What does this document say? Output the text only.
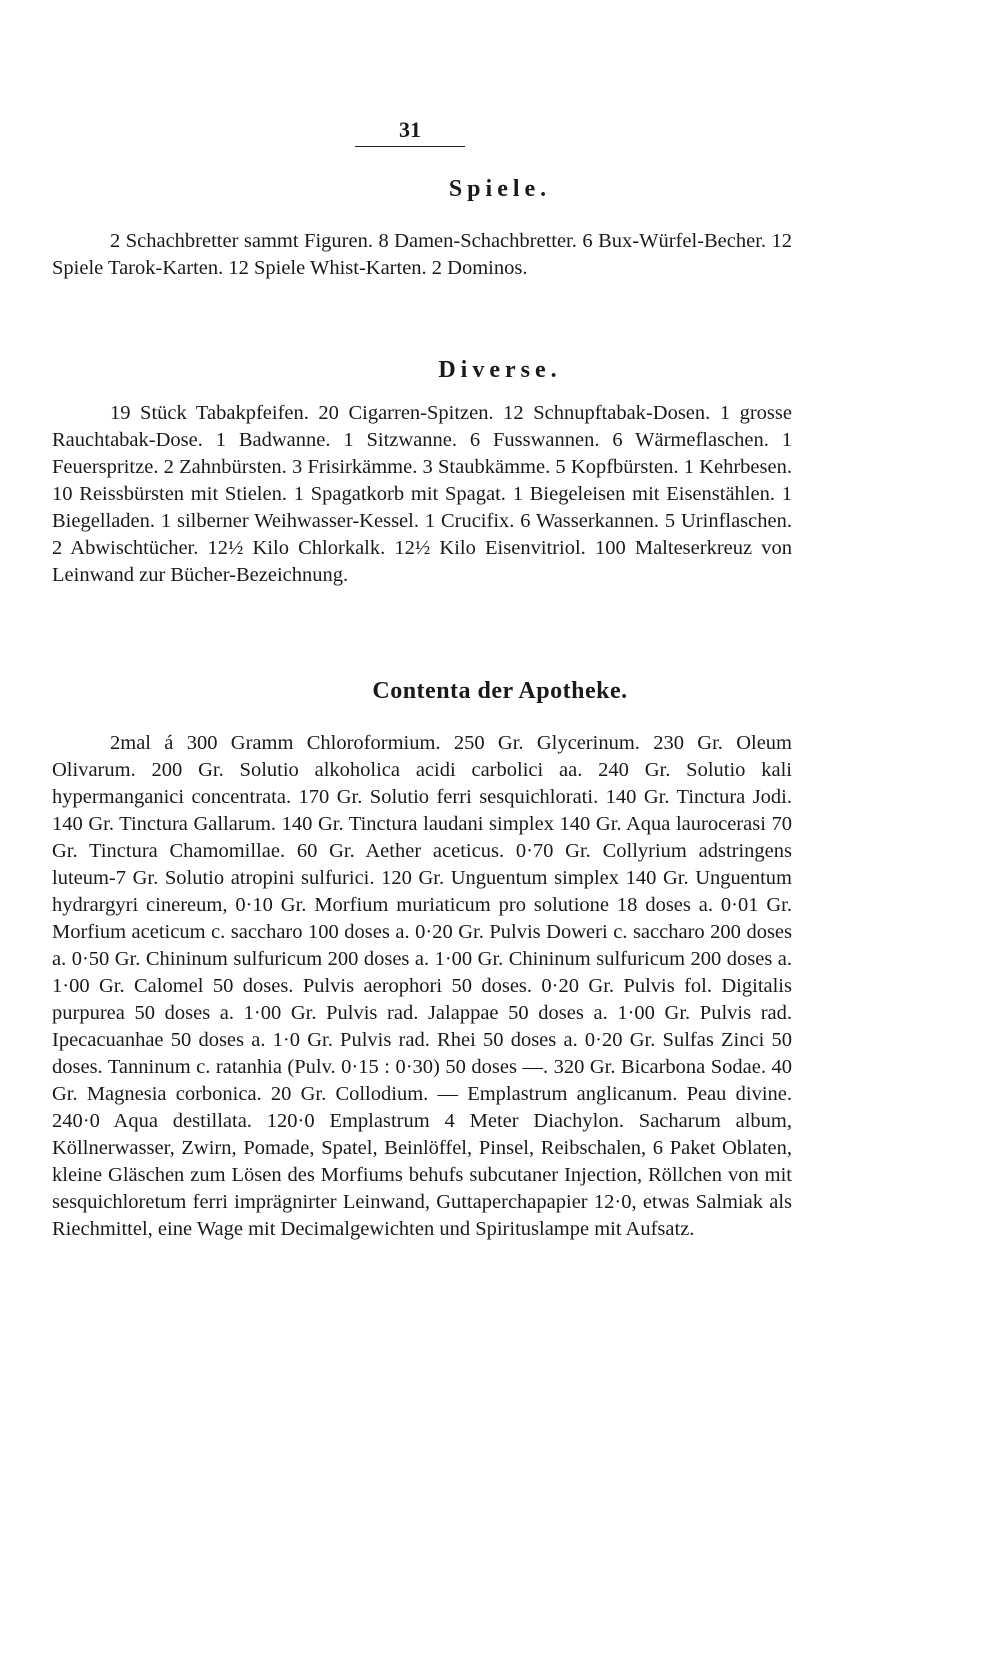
31
Spiele.

2 Schachbretter sammt Figuren. 8 Damen-Schachbretter. 6 Bux-Würfel-Becher. 12 Spiele Tarok-Karten. 12 Spiele Whist-Karten. 2 Dominos.

Diverse.

19 Stück Tabakpfeifen. 20 Cigarren-Spitzen. 12 Schnupftabak-Dosen. 1 grosse Rauchtabak-Dose. 1 Badwanne. 1 Sitzwanne. 6 Fusswannen. 6 Wärmeflaschen. 1 Feuerspritze. 2 Zahnbürsten. 3 Frisirkämme. 3 Staubkämme. 5 Kopfbürsten. 1 Kehrbesen. 10 Reissbürsten mit Stielen. 1 Spagatkorb mit Spagat. 1 Biegeleisen mit Eisenstählen. 1 Biegelladen. 1 silberner Weihwasser-Kessel. 1 Crucifix. 6 Wasserkannen. 5 Urinflaschen. 2 Abwischtücher. 12½ Kilo Chlorkalk. 12½ Kilo Eisenvitriol. 100 Malteserkreuz von Leinwand zur Bücher-Bezeichnung.

Contenta der Apotheke.

2mal á 300 Gramm Chloroformium. 250 Gr. Glycerinum. 230 Gr. Oleum Olivarum. 200 Gr. Solutio alkoholica acidi carbolici aa. 240 Gr. Solutio kali hypermanganici concentrata. 170 Gr. Solutio ferri sesquichlorati. 140 Gr. Tinctura Jodi. 140 Gr. Tinctura Gallarum. 140 Gr. Tinctura laudani simplex 140 Gr. Aqua laurocerasi 70 Gr. Tinctura Chamomillae. 60 Gr. Aether aceticus. 0·70 Gr. Collyrium adstringens luteum-7 Gr. Solutio atropini sulfurici. 120 Gr. Unguentum simplex 140 Gr. Unguentum hydrargyri cinereum, 0·10 Gr. Morfium muriaticum pro solutione 18 doses a. 0·01 Gr. Morfium aceticum c. saccharo 100 doses a. 0·20 Gr. Pulvis Doweri c. saccharo 200 doses a. 0·50 Gr. Chininum sulfuricum 200 doses a. 1·00 Gr. Chininum sulfuricum 200 doses a. 1·00 Gr. Calomel 50 doses. Pulvis aerophori 50 doses. 0·20 Gr. Pulvis fol. Digitalis purpurea 50 doses a. 1·00 Gr. Pulvis rad. Jalappae 50 doses a. 1·00 Gr. Pulvis rad. Ipecacuanhae 50 doses a. 1·0 Gr. Pulvis rad. Rhei 50 doses a. 0·20 Gr. Sulfas Zinci 50 doses. Tanninum c. ratanhia (Pulv. 0·15 : 0·30) 50 doses —. 320 Gr. Bicarbona Sodae. 40 Gr. Magnesia corbonica. 20 Gr. Collodium. — Emplastrum anglicanum. Peau divine. 240·0 Aqua destillata. 120·0 Emplastrum 4 Meter Diachylon. Sacharum album, Köllnerwasser, Zwirn, Pomade, Spatel, Beinlöffel, Pinsel, Reibschalen, 6 Paket Oblaten, kleine Gläschen zum Lösen des Morfiums behufs subcutaner Injection, Röllchen von mit sesquichloretum ferri imprägnirter Leinwand, Guttaperchapapier 12·0, etwas Salmiak als Riechmittel, eine Wage mit Decimalgewichten und Spirituslampe mit Aufsatz.
